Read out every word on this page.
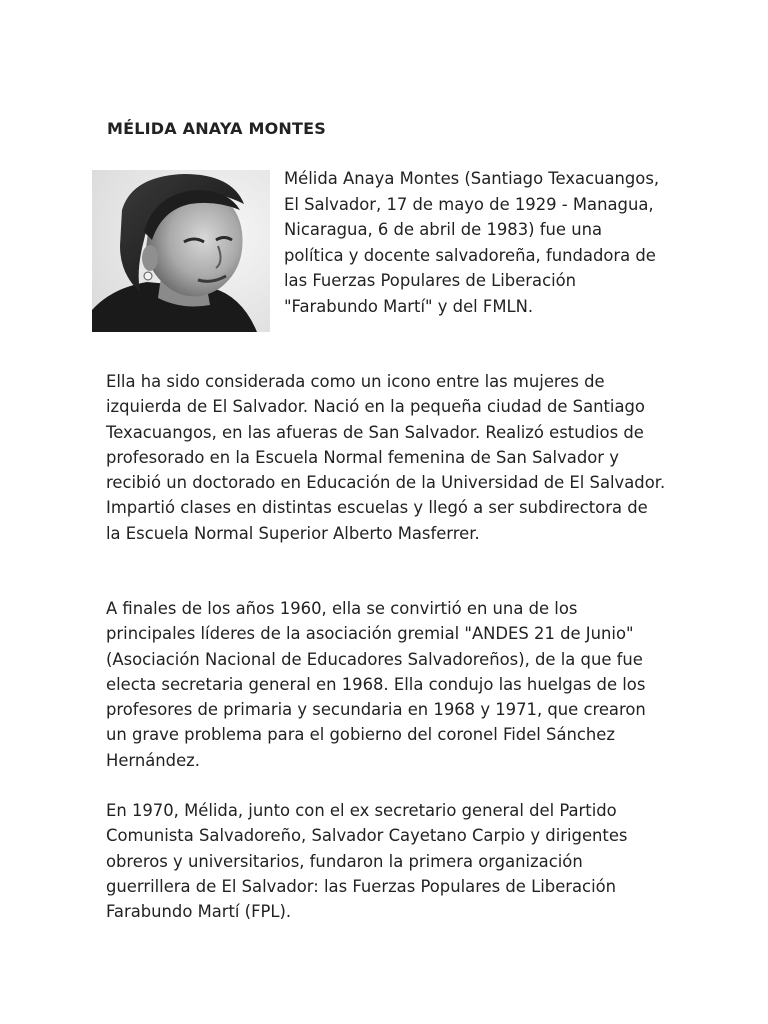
MÉLIDA ANAYA MONTES

Mélida Anaya Montes (Santiago Texacuangos, El Salvador, 17 de mayo de 1929 - Managua, Nicaragua, 6 de abril de 1983) fue una política y docente salvadoreña, fundadora de las Fuerzas Populares de Liberación "Farabundo Martí" y del FMLN.

Ella ha sido considerada como un icono entre las mujeres de izquierda de El Salvador. Nació en la pequeña ciudad de Santiago Texacuangos, en las afueras de San Salvador. Realizó estudios de profesorado en la Escuela Normal femenina de San Salvador y recibió un doctorado en Educación de la Universidad de El Salvador. Impartió clases en distintas escuelas y llegó a ser subdirectora de la Escuela Normal Superior Alberto Masferrer.

A finales de los años 1960, ella se convirtió en una de los principales líderes de la asociación gremial "ANDES 21 de Junio" (Asociación Nacional de Educadores Salvadoreños), de la que fue electa secretaria general en 1968. Ella condujo las huelgas de los profesores de primaria y secundaria en 1968 y 1971, que crearon un grave problema para el gobierno del coronel Fidel Sánchez Hernández.

En 1970, Mélida, junto con el ex secretario general del Partido Comunista Salvadoreño, Salvador Cayetano Carpio y dirigentes obreros y universitarios, fundaron la primera organización guerrillera de El Salvador: las Fuerzas Populares de Liberación Farabundo Martí (FPL).
